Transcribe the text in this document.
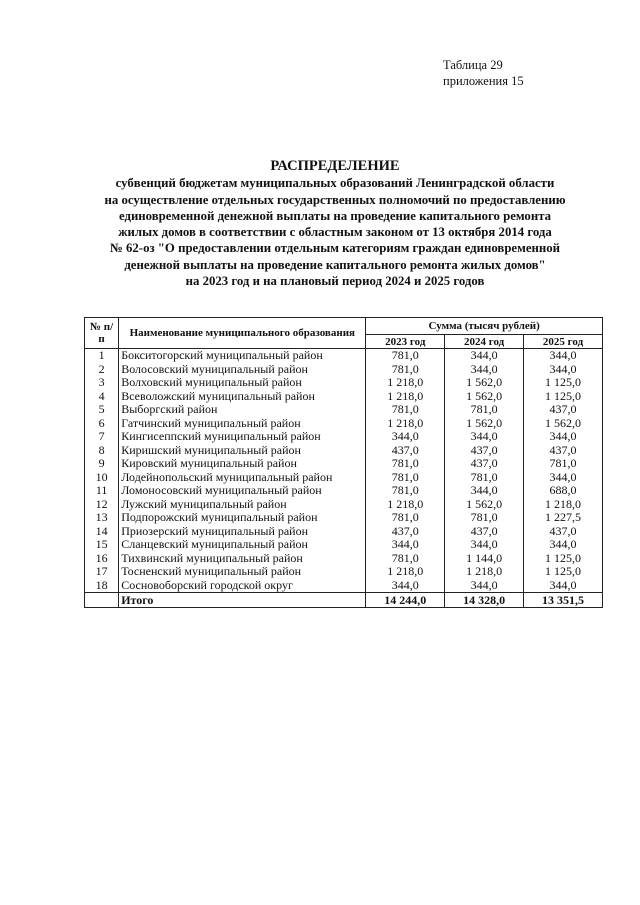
Таблица 29
приложения 15
РАСПРЕДЕЛЕНИЕ
субвенций бюджетам муниципальных образований Ленинградской области
на осуществление отдельных государственных полномочий по предоставлению
единовременной денежной выплаты на проведение капитального ремонта
жилых домов в соответствии с областным законом от 13 октября 2014 года
№ 62-оз "О предоставлении отдельным категориям граждан единовременной
денежной выплаты на проведение капитального ремонта жилых домов"
на 2023 год и на плановый период 2024 и 2025 годов
№ п/п	Наименование муниципального образования	Сумма (тысяч рублей)		
		2023 год	2024 год	2025 год
1	Бокситогорский муниципальный район	781,0	344,0	344,0
2	Волосовский муниципальный район	781,0	344,0	344,0
3	Волховский муниципальный район	1 218,0	1 562,0	1 125,0
4	Всеволожский муниципальный район	1 218,0	1 562,0	1 125,0
5	Выборгский район	781,0	781,0	437,0
6	Гатчинский муниципальный район	1 218,0	1 562,0	1 562,0
7	Кингисеппский муниципальный район	344,0	344,0	344,0
8	Киришский муниципальный район	437,0	437,0	437,0
9	Кировский муниципальный район	781,0	437,0	781,0
10	Лодейнопольский муниципальный район	781,0	781,0	344,0
11	Ломоносовский муниципальный район	781,0	344,0	688,0
12	Лужский муниципальный район	1 218,0	1 562,0	1 218,0
13	Подпорожский муниципальный район	781,0	781,0	1 227,5
14	Приозерский муниципальный район	437,0	437,0	437,0
15	Сланцевский муниципальный район	344,0	344,0	344,0
16	Тихвинский муниципальный район	781,0	1 144,0	1 125,0
17	Тосненский муниципальный район	1 218,0	1 218,0	1 125,0
18	Сосновоборский городской округ	344,0	344,0	344,0
	Итого	14 244,0	14 328,0	13 351,5
